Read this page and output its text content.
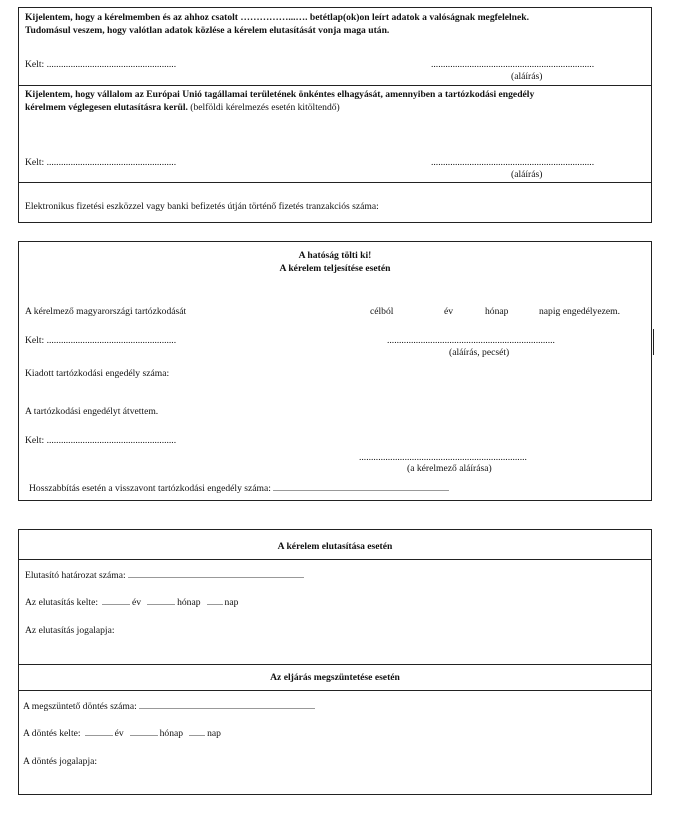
Kijelentem, hogy a kérelmemben és az ahhoz csatolt ……………...…. betétlap(ok)on leírt adatok a valóságnak megfelelnek.
Tudomásul veszem, hogy valótlan adatok közlése a kérelem elutasítását vonja maga után.
Kelt: ......................................................	....................................................................
(aláírás)
Kijelentem, hogy vállalom az Európai Unió tagállamai területének önkéntes elhagyását, amennyiben a tartózkodási engedély
kérelmem véglegesen elutasításra kerül. (belföldi kérelmezés esetén kitöltendő)
Kelt: ......................................................	....................................................................
(aláírás)
Elektronikus fizetési eszközzel vagy banki befizetés útján történő fizetés tranzakciós száma:
A hatóság tölti ki!
A kérelem teljesítése esetén
A kérelmező magyarországi tartózkodását	célból	év	hónap	napig engedélyezem.
Kelt: ......................................................	......................................................................
(aláírás, pecsét)
Kiadott tartózkodási engedély száma:
A tartózkodási engedélyt átvettem.
Kelt: ......................................................
......................................................................
(a kérelmező aláírása)
Hosszabbítás esetén a visszavont tartózkodási engedély száma:
A kérelem elutasítása esetén
Elutasító határozat száma:
Az elutasítás kelte:	év	hónap	nap
Az elutasítás jogalapja:
Az eljárás megszüntetése esetén
A megszüntető döntés száma:
A döntés kelte:	év	hónap	nap
A döntés jogalapja:
